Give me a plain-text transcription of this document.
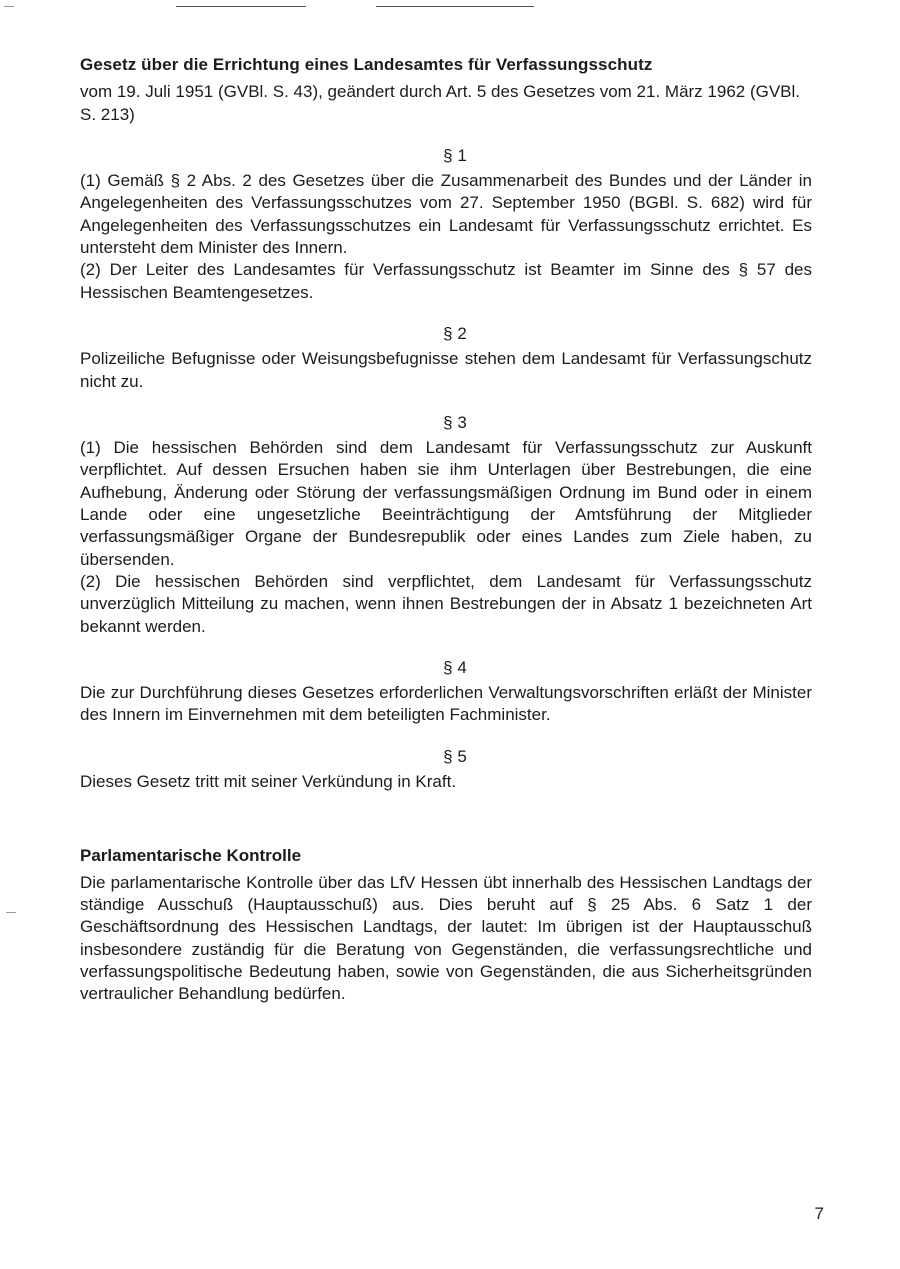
Gesetz über die Errichtung eines Landesamtes für Verfassungsschutz

vom 19. Juli 1951 (GVBl. S. 43), geändert durch Art. 5 des Gesetzes vom 21. März 1962 (GVBl. S. 213)

§ 1

(1) Gemäß § 2 Abs. 2 des Gesetzes über die Zusammenarbeit des Bundes und der Länder in Angelegenheiten des Verfassungsschutzes vom 27. September 1950 (BGBl. S. 682) wird für Angelegenheiten des Verfassungsschutzes ein Landesamt für Verfassungsschutz errichtet. Es untersteht dem Minister des Innern.

(2) Der Leiter des Landesamtes für Verfassungsschutz ist Beamter im Sinne des § 57 des Hessischen Beamtengesetzes.

§ 2

Polizeiliche Befugnisse oder Weisungsbefugnisse stehen dem Landesamt für Verfassungschutz nicht zu.

§ 3

(1) Die hessischen Behörden sind dem Landesamt für Verfassungsschutz zur Auskunft verpflichtet. Auf dessen Ersuchen haben sie ihm Unterlagen über Bestrebungen, die eine Aufhebung, Änderung oder Störung der verfassungsmäßigen Ordnung im Bund oder in einem Lande oder eine ungesetzliche Beeinträchtigung der Amtsführung der Mitglieder verfassungsmäßiger Organe der Bundesrepublik oder eines Landes zum Ziele haben, zu übersenden.

(2) Die hessischen Behörden sind verpflichtet, dem Landesamt für Verfassungsschutz unverzüglich Mitteilung zu machen, wenn ihnen Bestrebungen der in Absatz 1 bezeichneten Art bekannt werden.

§ 4

Die zur Durchführung dieses Gesetzes erforderlichen Verwaltungsvorschriften erläßt der Minister des Innern im Einvernehmen mit dem beteiligten Fachminister.

§ 5

Dieses Gesetz tritt mit seiner Verkündung in Kraft.

Parlamentarische Kontrolle

Die parlamentarische Kontrolle über das LfV Hessen übt innerhalb des Hessischen Landtags der ständige Ausschuß (Hauptausschuß) aus. Dies beruht auf § 25 Abs. 6 Satz 1 der Geschäftsordnung des Hessischen Landtags, der lautet: Im übrigen ist der Hauptausschuß insbesondere zuständig für die Beratung von Gegenständen, die verfassungsrechtliche und verfassungspolitische Bedeutung haben, sowie von Gegenständen, die aus Sicherheitsgründen vertraulicher Behandlung bedürfen.

7
